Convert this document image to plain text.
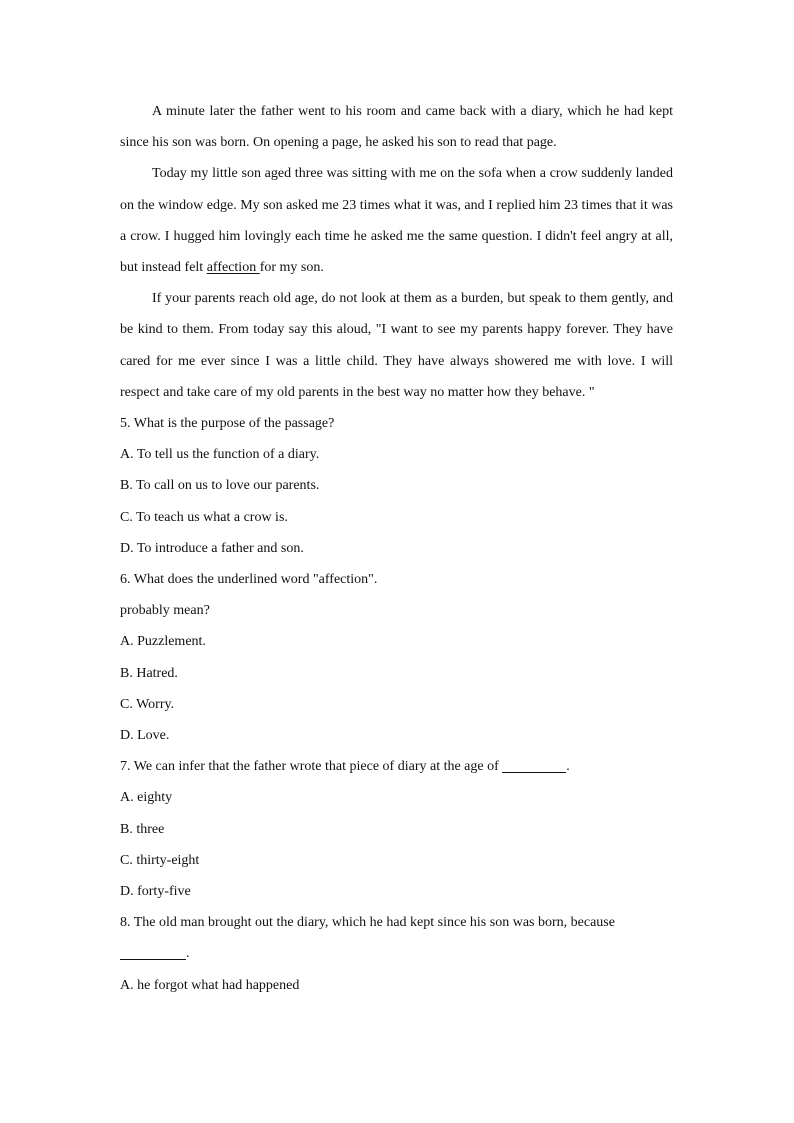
A minute later the father went to his room and came back with a diary, which he had kept since his son was born. On opening a page, he asked his son to read that page.

Today my little son aged three was sitting with me on the sofa when a crow suddenly landed on the window edge. My son asked me 23 times what it was, and I replied him 23 times that it was a crow. I hugged him lovingly each time he asked me the same question. I didn't feel angry at all, but instead felt affection for my son.

If your parents reach old age, do not look at them as a burden, but speak to them gently, and be kind to them. From today say this aloud, "I want to see my parents happy forever. They have cared for me ever since I was a little child. They have always showered me with love. I will respect and take care of my old parents in the best way no matter how they behave. "

5. What is the purpose of the passage?

A. To tell us the function of a diary.

B. To call on us to love our parents.

C. To teach us what a crow is.

D. To introduce a father and son.

6. What does the underlined word "affection".

probably mean?

A. Puzzlement.

B. Hatred.

C. Worry.

D. Love.

7. We can infer that the father wrote that piece of diary at the age of	.

A. eighty

B. three

C. thirty-eight

D. forty-five

8. The old man brought out the diary, which he had kept since his son was born, because

.

A. he forgot what had happened
